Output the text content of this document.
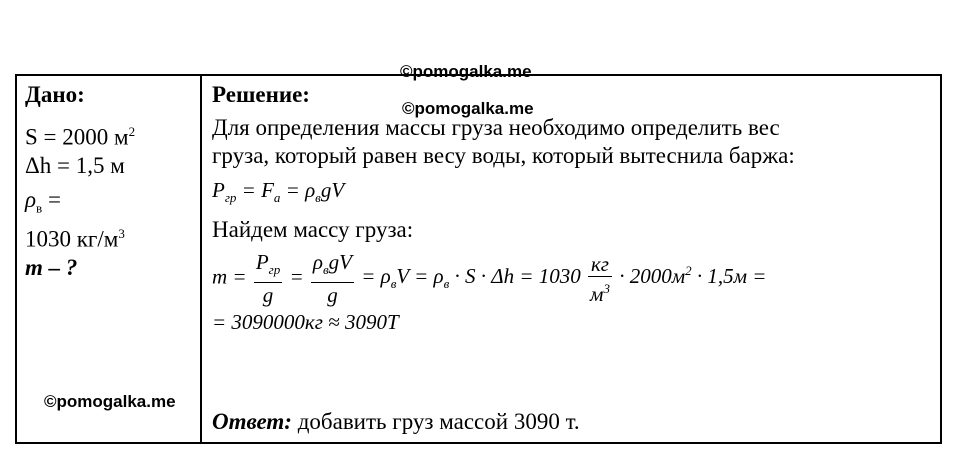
©pomogalka.me
©pomogalka.me
©pomogalka.me
Дано:
S = 2000 $м^2$
Δh = 1,5 м
$\rho_в$ =
1030 $кг/м^3$
m – ?
Решение:
Для определения массы груза необходимо определить вес
груза, который равен весу воды, который вытеснила баржа:
$P_{гр} = F_а = \rho_вgV$
Найдем массу груза:
$m = \frac{P_{гр}}{g} = \frac{\rho_вgV}{g} = \rho_вV = \rho_в \cdot S \cdot \Delta h = 1030 \frac{кг}{м^3} \cdot 2000м^2 \cdot 1,5м$ =
= 3090000кг ≈ 3090Т
Ответ: добавить груз массой 3090 т.
